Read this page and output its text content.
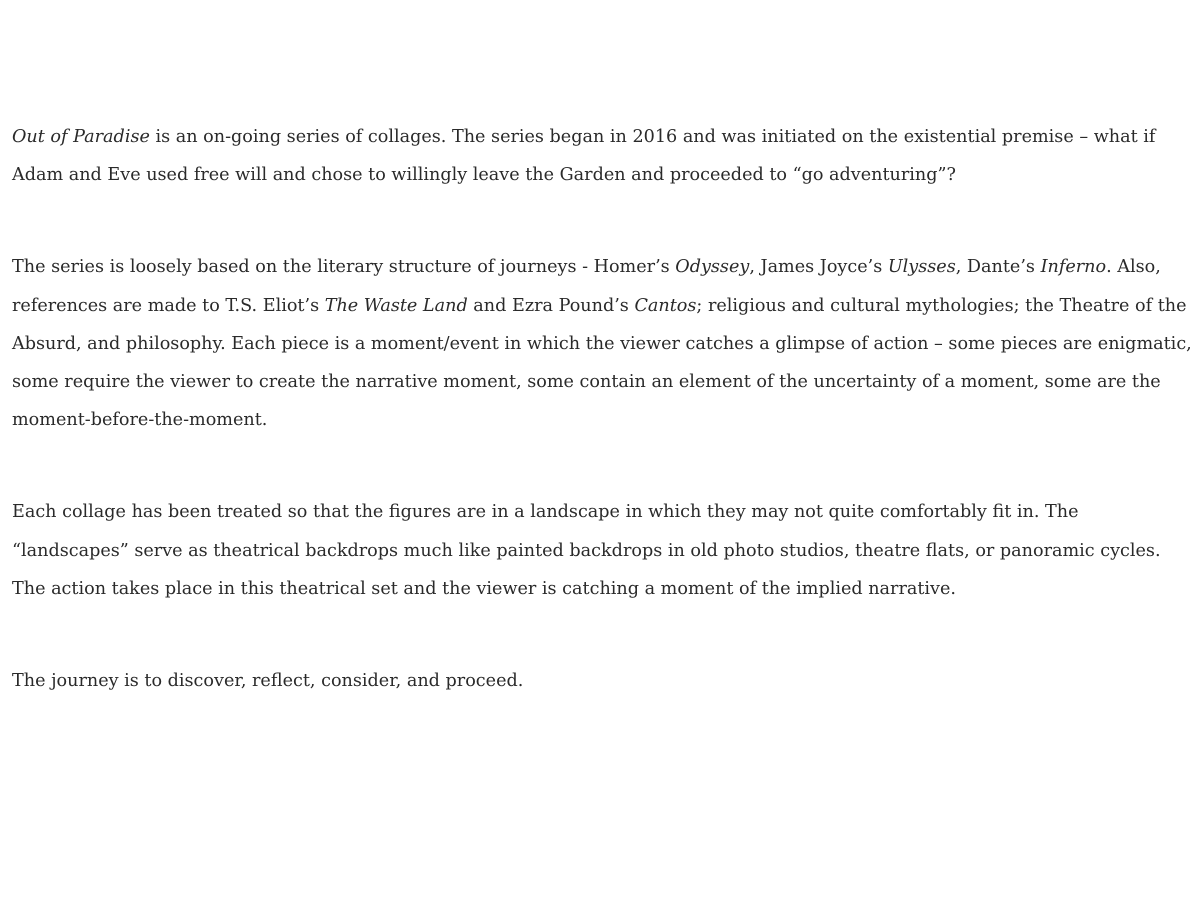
Out of Paradise is an on-going series of collages. The series began in 2016 and was initiated on the existential premise – what if Adam and Eve used free will and chose to willingly leave the Garden and proceeded to “go adventuring”?

The series is loosely based on the literary structure of journeys - Homer’s Odyssey, James Joyce’s Ulysses, Dante’s Inferno. Also, references are made to T.S. Eliot’s The Waste Land and Ezra Pound’s Cantos; religious and cultural mythologies; the Theatre of the Absurd, and philosophy. Each piece is a moment/event in which the viewer catches a glimpse of action – some pieces are enigmatic, some require the viewer to create the narrative moment, some contain an element of the uncertainty of a moment, some are the moment-before-the-moment.

Each collage has been treated so that the figures are in a landscape in which they may not quite comfortably fit in. The “landscapes” serve as theatrical backdrops much like painted backdrops in old photo studios, theatre flats, or panoramic cycles. The action takes place in this theatrical set and the viewer is catching a moment of the implied narrative.

The journey is to discover, reflect, consider, and proceed.
